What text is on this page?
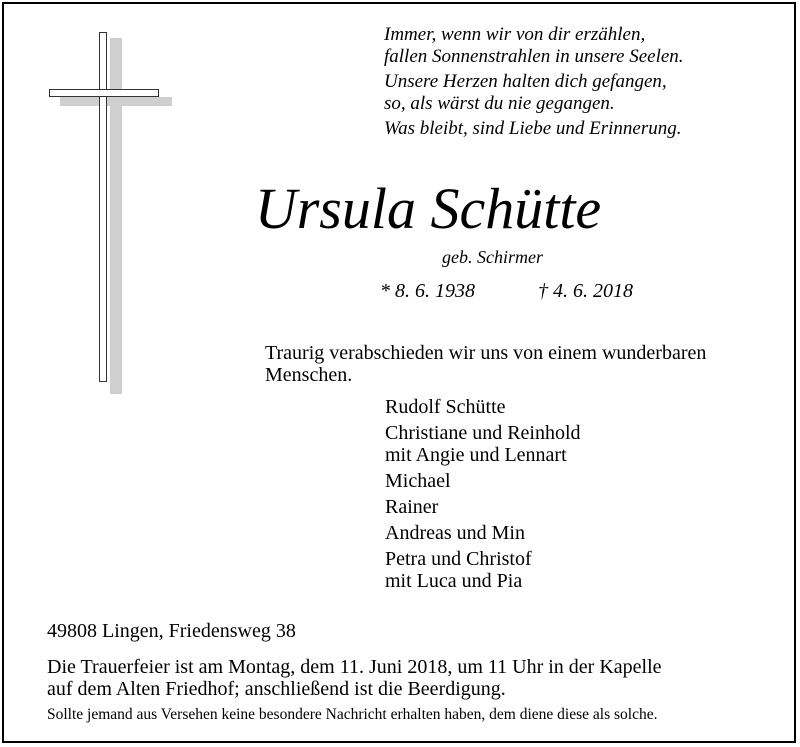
Immer, wenn wir von dir erzählen,
fallen Sonnenstrahlen in unsere Seelen.
Unsere Herzen halten dich gefangen,
so, als wärst du nie gegangen.
Was bleibt, sind Liebe und Erinnerung.
Ursula Schütte
geb. Schirmer
* 8. 6. 1938	† 4. 6. 2018
Traurig verabschieden wir uns von einem wunderbaren Menschen.
Rudolf Schütte
Christiane und Reinhold
mit Angie und Lennart
Michael
Rainer
Andreas und Min
Petra und Christof
mit Luca und Pia
49808 Lingen, Friedensweg 38
Die Trauerfeier ist am Montag, dem 11. Juni 2018, um 11 Uhr in der Kapelle
auf dem Alten Friedhof; anschließend ist die Beerdigung.
Sollte jemand aus Versehen keine besondere Nachricht erhalten haben, dem diene diese als solche.
